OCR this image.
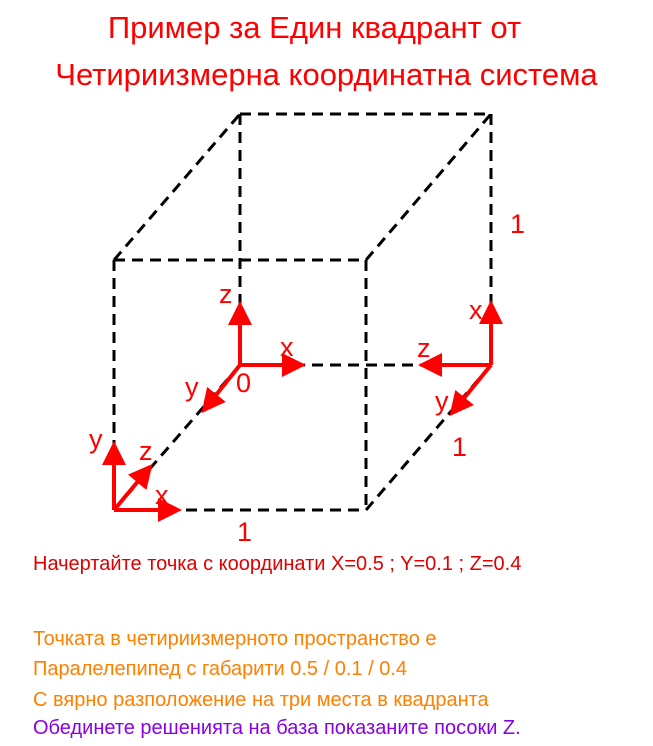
Пример за Един квадрант от
Четириизмерна координатна система
z
x
y 0
x
z
y
y z
x
1
1
1
Начертайте точка с координати X=0.5 ; Y=0.1 ; Z=0.4
Точката в четириизмерното пространство е
Паралелепипед с габарити 0.5 / 0.1 / 0.4
С вярно разположение на три места в квадранта
Обединете решенията на база показаните посоки Z.
